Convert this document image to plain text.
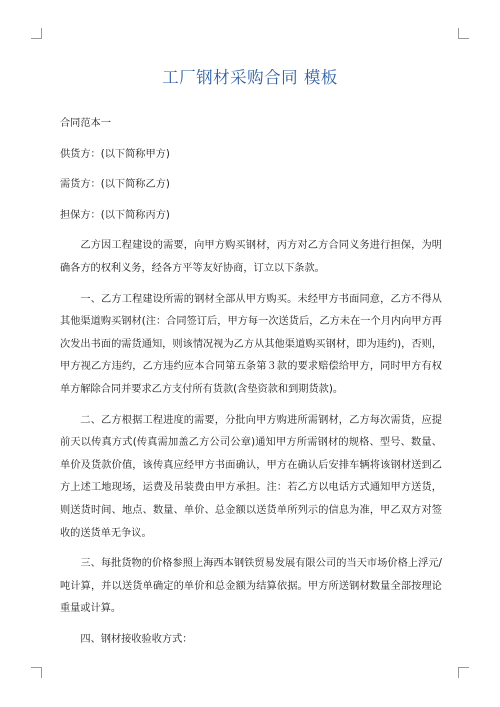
工厂钢材采购合同 模板

合同范本一

供货方：(以下简称甲方)

需货方：(以下简称乙方)

担保方：(以下简称丙方)

乙方因工程建设的需要，向甲方购买钢材，丙方对乙方合同义务进行担保，为明确各方的权利义务，经各方平等友好协商，订立以下条款。

一、乙方工程建设所需的钢材全部从甲方购买。未经甲方书面同意，乙方不得从其他渠道购买钢材(注：合同签订后，甲方每一次送货后，乙方未在一个月内向甲方再次发出书面的需货通知，则该情况视为乙方从其他渠道购买钢材，即为违约)，否则，甲方视乙方违约，乙方违约应本合同第五条第３款的要求赔偿给甲方，同时甲方有权单方解除合同并要求乙方支付所有货款(含垫资款和到期货款)。

二、乙方根据工程进度的需要，分批向甲方购进所需钢材，乙方每次需货，应提前天以传真方式(传真需加盖乙方公司公章)通知甲方所需钢材的规格、型号、数量、单价及货款价值，该传真应经甲方书面确认，甲方在确认后安排车辆将该钢材送到乙方上述工地现场，运费及吊装费由甲方承担。注：若乙方以电话方式通知甲方送货，则送货时间、地点、数量、单价、总金额以送货单所列示的信息为准，甲乙双方对签收的送货单无争议。

三、每批货物的价格参照上海西本钢铁贸易发展有限公司的当天市场价格上浮元/吨计算，并以送货单确定的单价和总金额为结算依据。甲方所送钢材数量全部按理论重量或计算。

四、钢材接收验收方式：
